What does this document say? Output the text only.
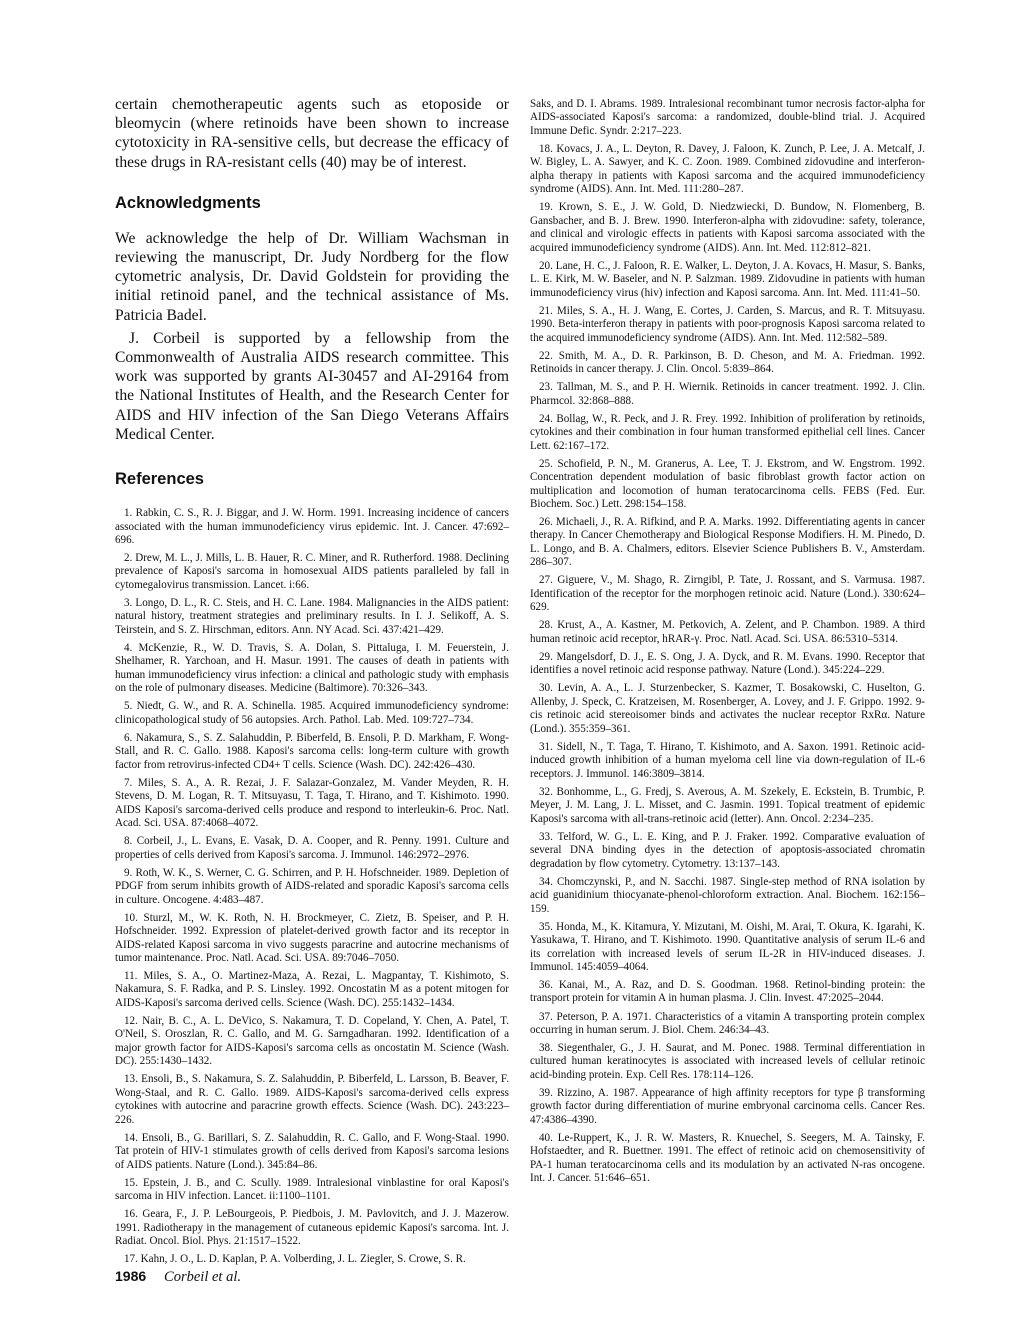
certain chemotherapeutic agents such as etoposide or bleomycin (where retinoids have been shown to increase cytotoxicity in RA-sensitive cells, but decrease the efficacy of these drugs in RA-resistant cells (40) may be of interest.

Acknowledgments

We acknowledge the help of Dr. William Wachsman in reviewing the manuscript, Dr. Judy Nordberg for the flow cytometric analysis, Dr. David Goldstein for providing the initial retinoid panel, and the technical assistance of Ms. Patricia Badel.

J. Corbeil is supported by a fellowship from the Commonwealth of Australia AIDS research committee. This work was supported by grants AI-30457 and AI-29164 from the National Institutes of Health, and the Research Center for AIDS and HIV infection of the San Diego Veterans Affairs Medical Center.

References

1. Rabkin, C. S., R. J. Biggar, and J. W. Horm. 1991. Increasing incidence of cancers associated with the human immunodeficiency virus epidemic. Int. J. Cancer. 47:692–696.

2. Drew, M. L., J. Mills, L. B. Hauer, R. C. Miner, and R. Rutherford. 1988. Declining prevalence of Kaposi's sarcoma in homosexual AIDS patients paralleled by fall in cytomegalovirus transmission. Lancet. i:66.

3. Longo, D. L., R. C. Steis, and H. C. Lane. 1984. Malignancies in the AIDS patient: natural history, treatment strategies and preliminary results. In I. J. Selikoff, A. S. Teirstein, and S. Z. Hirschman, editors. Ann. NY Acad. Sci. 437:421–429.

4. McKenzie, R., W. D. Travis, S. A. Dolan, S. Pittaluga, I. M. Feuerstein, J. Shelhamer, R. Yarchoan, and H. Masur. 1991. The causes of death in patients with human immunodeficiency virus infection: a clinical and pathologic study with emphasis on the role of pulmonary diseases. Medicine (Baltimore). 70:326–343.

5. Niedt, G. W., and R. A. Schinella. 1985. Acquired immunodeficiency syndrome: clinicopathological study of 56 autopsies. Arch. Pathol. Lab. Med. 109:727–734.

6. Nakamura, S., S. Z. Salahuddin, P. Biberfeld, B. Ensoli, P. D. Markham, F. Wong-Stall, and R. C. Gallo. 1988. Kaposi's sarcoma cells: long-term culture with growth factor from retrovirus-infected CD4+ T cells. Science (Wash. DC). 242:426–430.

7. Miles, S. A., A. R. Rezai, J. F. Salazar-Gonzalez, M. Vander Meyden, R. H. Stevens, D. M. Logan, R. T. Mitsuyasu, T. Taga, T. Hirano, and T. Kishimoto. 1990. AIDS Kaposi's sarcoma-derived cells produce and respond to interleukin-6. Proc. Natl. Acad. Sci. USA. 87:4068–4072.

8. Corbeil, J., L. Evans, E. Vasak, D. A. Cooper, and R. Penny. 1991. Culture and properties of cells derived from Kaposi's sarcoma. J. Immunol. 146:2972–2976.

9. Roth, W. K., S. Werner, C. G. Schirren, and P. H. Hofschneider. 1989. Depletion of PDGF from serum inhibits growth of AIDS-related and sporadic Kaposi's sarcoma cells in culture. Oncogene. 4:483–487.

10. Sturzl, M., W. K. Roth, N. H. Brockmeyer, C. Zietz, B. Speiser, and P. H. Hofschneider. 1992. Expression of platelet-derived growth factor and its receptor in AIDS-related Kaposi sarcoma in vivo suggests paracrine and autocrine mechanisms of tumor maintenance. Proc. Natl. Acad. Sci. USA. 89:7046–7050.

11. Miles, S. A., O. Martinez-Maza, A. Rezai, L. Magpantay, T. Kishimoto, S. Nakamura, S. F. Radka, and P. S. Linsley. 1992. Oncostatin M as a potent mitogen for AIDS-Kaposi's sarcoma derived cells. Science (Wash. DC). 255:1432–1434.

12. Nair, B. C., A. L. DeVico, S. Nakamura, T. D. Copeland, Y. Chen, A. Patel, T. O'Neil, S. Oroszlan, R. C. Gallo, and M. G. Sarngadharan. 1992. Identification of a major growth factor for AIDS-Kaposi's sarcoma cells as oncostatin M. Science (Wash. DC). 255:1430–1432.

13. Ensoli, B., S. Nakamura, S. Z. Salahuddin, P. Biberfeld, L. Larsson, B. Beaver, F. Wong-Staal, and R. C. Gallo. 1989. AIDS-Kaposi's sarcoma-derived cells express cytokines with autocrine and paracrine growth effects. Science (Wash. DC). 243:223–226.

14. Ensoli, B., G. Barillari, S. Z. Salahuddin, R. C. Gallo, and F. Wong-Staal. 1990. Tat protein of HIV-1 stimulates growth of cells derived from Kaposi's sarcoma lesions of AIDS patients. Nature (Lond.). 345:84–86.

15. Epstein, J. B., and C. Scully. 1989. Intralesional vinblastine for oral Kaposi's sarcoma in HIV infection. Lancet. ii:1100–1101.

16. Geara, F., J. P. LeBourgeois, P. Piedbois, J. M. Pavlovitch, and J. J. Mazerow. 1991. Radiotherapy in the management of cutaneous epidemic Kaposi's sarcoma. Int. J. Radiat. Oncol. Biol. Phys. 21:1517–1522.

17. Kahn, J. O., L. D. Kaplan, P. A. Volberding, J. L. Ziegler, S. Crowe, S. R.

Saks, and D. I. Abrams. 1989. Intralesional recombinant tumor necrosis factor-alpha for AIDS-associated Kaposi's sarcoma: a randomized, double-blind trial. J. Acquired Immune Defic. Syndr. 2:217–223.

18. Kovacs, J. A., L. Deyton, R. Davey, J. Faloon, K. Zunch, P. Lee, J. A. Metcalf, J. W. Bigley, L. A. Sawyer, and K. C. Zoon. 1989. Combined zidovudine and interferon-alpha therapy in patients with Kaposi sarcoma and the acquired immunodeficiency syndrome (AIDS). Ann. Int. Med. 111:280–287.

19. Krown, S. E., J. W. Gold, D. Niedzwiecki, D. Bundow, N. Flomenberg, B. Gansbacher, and B. J. Brew. 1990. Interferon-alpha with zidovudine: safety, tolerance, and clinical and virologic effects in patients with Kaposi sarcoma associated with the acquired immunodeficiency syndrome (AIDS). Ann. Int. Med. 112:812–821.

20. Lane, H. C., J. Faloon, R. E. Walker, L. Deyton, J. A. Kovacs, H. Masur, S. Banks, L. E. Kirk, M. W. Baseler, and N. P. Salzman. 1989. Zidovudine in patients with human immunodeficiency virus (hiv) infection and Kaposi sarcoma. Ann. Int. Med. 111:41–50.

21. Miles, S. A., H. J. Wang, E. Cortes, J. Carden, S. Marcus, and R. T. Mitsuyasu. 1990. Beta-interferon therapy in patients with poor-prognosis Kaposi sarcoma related to the acquired immunodeficiency syndrome (AIDS). Ann. Int. Med. 112:582–589.

22. Smith, M. A., D. R. Parkinson, B. D. Cheson, and M. A. Friedman. 1992. Retinoids in cancer therapy. J. Clin. Oncol. 5:839–864.

23. Tallman, M. S., and P. H. Wiernik. Retinoids in cancer treatment. 1992. J. Clin. Pharmcol. 32:868–888.

24. Bollag, W., R. Peck, and J. R. Frey. 1992. Inhibition of proliferation by retinoids, cytokines and their combination in four human transformed epithelial cell lines. Cancer Lett. 62:167–172.

25. Schofield, P. N., M. Granerus, A. Lee, T. J. Ekstrom, and W. Engstrom. 1992. Concentration dependent modulation of basic fibroblast growth factor action on multiplication and locomotion of human teratocarcinoma cells. FEBS (Fed. Eur. Biochem. Soc.) Lett. 298:154–158.

26. Michaeli, J., R. A. Rifkind, and P. A. Marks. 1992. Differentiating agents in cancer therapy. In Cancer Chemotherapy and Biological Response Modifiers. H. M. Pinedo, D. L. Longo, and B. A. Chalmers, editors. Elsevier Science Publishers B. V., Amsterdam. 286–307.

27. Giguere, V., M. Shago, R. Zirngibl, P. Tate, J. Rossant, and S. Varmusa. 1987. Identification of the receptor for the morphogen retinoic acid. Nature (Lond.). 330:624–629.

28. Krust, A., A. Kastner, M. Petkovich, A. Zelent, and P. Chambon. 1989. A third human retinoic acid receptor, hRAR-γ. Proc. Natl. Acad. Sci. USA. 86:5310–5314.

29. Mangelsdorf, D. J., E. S. Ong, J. A. Dyck, and R. M. Evans. 1990. Receptor that identifies a novel retinoic acid response pathway. Nature (Lond.). 345:224–229.

30. Levin, A. A., L. J. Sturzenbecker, S. Kazmer, T. Bosakowski, C. Huselton, G. Allenby, J. Speck, C. Kratzeisen, M. Rosenberger, A. Lovey, and J. F. Grippo. 1992. 9-cis retinoic acid stereoisomer binds and activates the nuclear receptor RxRα. Nature (Lond.). 355:359–361.

31. Sidell, N., T. Taga, T. Hirano, T. Kishimoto, and A. Saxon. 1991. Retinoic acid-induced growth inhibition of a human myeloma cell line via down-regulation of IL-6 receptors. J. Immunol. 146:3809–3814.

32. Bonhomme, L., G. Fredj, S. Averous, A. M. Szekely, E. Eckstein, B. Trumbic, P. Meyer, J. M. Lang, J. L. Misset, and C. Jasmin. 1991. Topical treatment of epidemic Kaposi's sarcoma with all-trans-retinoic acid (letter). Ann. Oncol. 2:234–235.

33. Telford, W. G., L. E. King, and P. J. Fraker. 1992. Comparative evaluation of several DNA binding dyes in the detection of apoptosis-associated chromatin degradation by flow cytometry. Cytometry. 13:137–143.

34. Chomczynski, P., and N. Sacchi. 1987. Single-step method of RNA isolation by acid guanidinium thiocyanate-phenol-chloroform extraction. Anal. Biochem. 162:156–159.

35. Honda, M., K. Kitamura, Y. Mizutani, M. Oishi, M. Arai, T. Okura, K. Igarahi, K. Yasukawa, T. Hirano, and T. Kishimoto. 1990. Quantitative analysis of serum IL-6 and its correlation with increased levels of serum IL-2R in HIV-induced diseases. J. Immunol. 145:4059–4064.

36. Kanai, M., A. Raz, and D. S. Goodman. 1968. Retinol-binding protein: the transport protein for vitamin A in human plasma. J. Clin. Invest. 47:2025–2044.

37. Peterson, P. A. 1971. Characteristics of a vitamin A transporting protein complex occurring in human serum. J. Biol. Chem. 246:34–43.

38. Siegenthaler, G., J. H. Saurat, and M. Ponec. 1988. Terminal differentiation in cultured human keratinocytes is associated with increased levels of cellular retinoic acid-binding protein. Exp. Cell Res. 178:114–126.

39. Rizzino, A. 1987. Appearance of high affinity receptors for type β transforming growth factor during differentiation of murine embryonal carcinoma cells. Cancer Res. 47:4386–4390.

40. Le-Ruppert, K., J. R. W. Masters, R. Knuechel, S. Seegers, M. A. Tainsky, F. Hofstaedter, and R. Buettner. 1991. The effect of retinoic acid on chemosensitivity of PA-1 human teratocarcinoma cells and its modulation by an activated N-ras oncogene. Int. J. Cancer. 51:646–651.

1986 Corbeil et al.
